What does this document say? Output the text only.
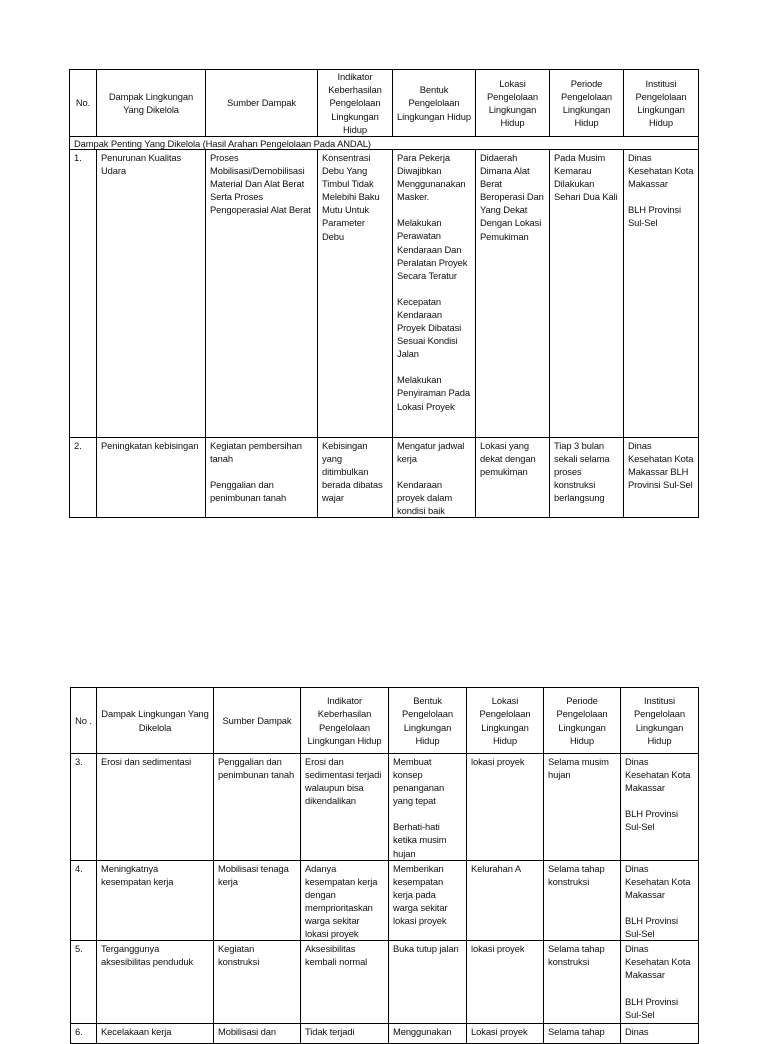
No.	Dampak Lingkungan Yang Dikelola	Sumber Dampak	Indikator Keberhasilan Pengelolaan Lingkungan Hidup	Bentuk Pengelolaan Lingkungan Hidup	Lokasi Pengelolaan Lingkungan Hidup	Periode Pengelolaan Lingkungan Hidup	Institusi Pengelolaan Lingkungan Hidup
Dampak Penting Yang Dikelola (Hasil Arahan Pengelolaan Pada ANDAL)							
1.	Penurunan Kualitas Udara	Proses Mobilisasi/Demobilisasi Material Dan Alat Berat Serta Proses Pengoperasial Alat Berat	Konsentrasi Debu Yang Timbul Tidak Melebihi Baku Mutu Untuk Parameter Debu	Para Pekerja Diwajibkan Menggunanakan Masker.
Melakukan Perawatan Kendaraan Dan Peralatan Proyek Secara Teratur
Kecepatan Kendaraan Proyek Dibatasi Sesuai Kondisi Jalan
Melakukan Penyiraman Pada Lokasi Proyek	Didaerah Dimana Alat Berat Beroperasi Dan Yang Dekat Dengan Lokasi Pemukiman	Pada Musim Kemarau Dilakukan Sehari Dua Kali	Dinas Kesehatan Kota Makassar
BLH Provinsi Sul-Sel

2.	Peningkatan kebisingan	Kegiatan pembersihan tanah
Penggalian dan penimbunan tanah	Kebisingan yang ditimbulkan berada dibatas wajar	Mengatur jadwal kerja
Kendaraan proyek dalam kondisi baik	Lokasi yang dekat dengan pemukiman	Tiap 3 bulan sekali selama proses konstruksi berlangsung	Dinas Kesehatan Kota Makassar BLH Provinsi Sul-Sel
No .	Dampak Lingkungan Yang Dikelola	Sumber Dampak	Indikator Keberhasilan Pengelolaan Lingkungan Hidup	Bentuk Pengelolaan Lingkungan Hidup	Lokasi Pengelolaan Lingkungan Hidup	Periode Pengelolaan Lingkungan Hidup	Institusi Pengelolaan Lingkungan Hidup
3.	Erosi dan sedimentasi	Penggalian dan penimbunan tanah	Erosi dan sedimentasi terjadi walaupun bisa dikendalikan	Membuat konsep penanganan yang tepat
Berhati-hati ketika musim hujan	lokasi proyek	Selama musim hujan	Dinas Kesehatan Kota Makassar
BLH Provinsi Sul-Sel

4.	Meningkatnya kesempatan kerja	Mobilisasi tenaga kerja	Adanya kesempatan kerja dengan memprioritaskan warga sekitar lokasi proyek	Memberikan kesempatan kerja pada warga sekitar lokasi proyek	Kelurahan A	Selama tahap konstruksi	Dinas Kesehatan Kota Makassar
BLH Provinsi Sul-Sel

5.	Terganggunya aksesibilitas penduduk	Kegiatan konstruksi	Aksesibilitas kembali normal	Buka tutup jalan	lokasi proyek	Selama tahap konstruksi	Dinas Kesehatan Kota Makassar
BLH Provinsi Sul-Sel

6.	Kecelakaan kerja	Mobilisasi dan	Tidak terjadi	Menggunakan	Lokasi proyek	Selama tahap	Dinas
